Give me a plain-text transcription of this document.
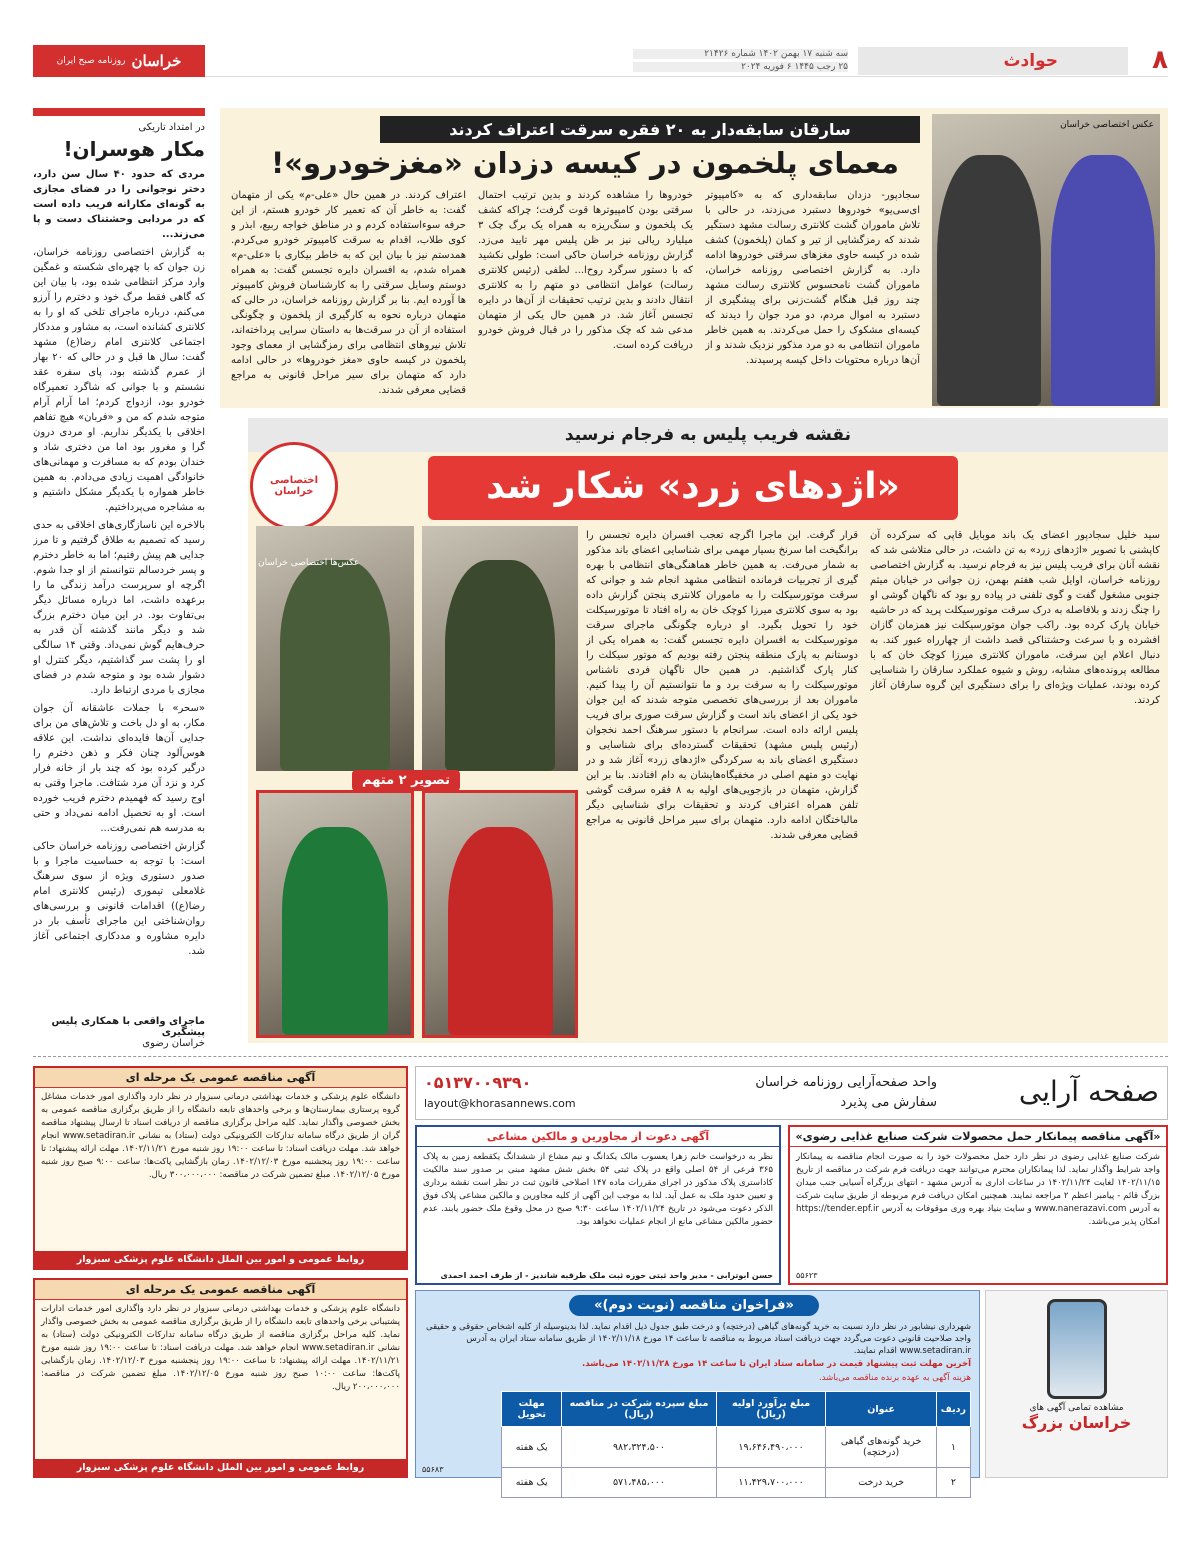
۸
حوادث
سه شنبه ۱۷ بهمن ۱۴۰۲ شماره ۲۱۴۲۶
۲۵ رجب ۱۴۴۵ ۶ فوریه ۲۰۲۴
خراسان
روزنامه صبح ایران
در امتداد تاریکی
مکار هوسران!

مردی که حدود ۴۰ سال سن دارد، دختر نوجوانی را در فضای مجازی به گونه‌ای مکارانه فریب داده است که در مردابی وحشتناک دست و پا می‌زند...

به گزارش اختصاصی روزنامه خراسان، زن جوان که با چهره‌ای شکسته و غمگین وارد مرکز انتظامی شده بود، با بیان این که گاهی فقط مرگ خود و دخترم را آرزو می‌کنم، درباره ماجرای تلخی که او را به کلانتری کشانده است، به مشاور و مددکار اجتماعی کلانتری امام رضا(ع) مشهد گفت: سال ها قبل و در حالی که ۲۰ بهار از عمرم گذشته بود، پای سفره عقد نشستم و با جوانی که شاگرد تعمیرگاه خودرو بود، ازدواج کردم؛ اما آرام آرام متوجه شدم که من و «فربان» هیچ تفاهم اخلاقی با یکدیگر نداریم. او مردی درون گرا و مغرور بود اما من دختری شاد و خندان بودم که به مسافرت و مهمانی‌های خانوادگی اهمیت زیادی می‌دادم. به همین خاطر همواره با یکدیگر مشکل داشتیم و به مشاجره می‌پرداختیم.

بالاخره این ناسازگاری‌های اخلاقی به حدی رسید که تصمیم به طلاق گرفتیم و تا مرز جدایی هم پیش رفتیم؛ اما به خاطر دخترم و پسر خردسالم نتوانستم از او جدا شوم. اگرچه او سرپرست درآمد زندگی ما را برعهده داشت، اما درباره مسائل دیگر بی‌تفاوت بود. در این میان دخترم بزرگ شد و دیگر مانند گذشته آن قدر به حرف‌هایم گوش نمی‌داد. وقتی ۱۴ سالگی او را پشت سر گذاشتیم، دیگر کنترل او دشوار شده بود و متوجه شدم در فضای مجازی با مردی ارتباط دارد.

«سحر» با جملات عاشقانه آن جوان مکار، به او دل باخت و تلاش‌های من برای جدایی آن‌ها فایده‌ای نداشت. این علاقه هوس‌آلود چنان فکر و ذهن دخترم را درگیر کرده بود که چند بار از خانه فرار کرد و نزد آن مرد شتافت. ماجرا وقتی به اوج رسید که فهمیدم دخترم فریب خورده است. او به تحصیل ادامه نمی‌داد و حتی به مدرسه هم نمی‌رفت...

گزارش اختصاصی روزنامه خراسان حاکی است: با توجه به حساسیت ماجرا و با صدور دستوری ویژه از سوی سرهنگ غلامعلی تیموری (رئیس کلانتری امام رضا(ع)) اقدامات قانونی و بررسی‌های روان‌شناختی این ماجرای تأسف بار در دایره مشاوره و مددکاری اجتماعی آغاز شد.

ماجرای واقعی با همکاری پلیس پیشگیری
خراسان رضوی
سارقان سابقه‌دار به ۲۰ فقره سرقت اعتراف کردند
معمای پلخمون در کیسه دزدان «مغزخودرو»!
عکس اختصاصی خراسان

سجادپور- دزدان سابقه‌داری که به «کامپیوتر ای‌سی‌یو» خودروها دستبرد می‌زدند، در حالی با تلاش ماموران گشت کلانتری رسالت مشهد دستگیر شدند که رمزگشایی از تیر و کمان (پلخمون) کشف شده در کیسه حاوی مغزهای سرقتی خودروها ادامه دارد. به گزارش اختصاصی روزنامه خراسان، ماموران گشت نامحسوس کلانتری رسالت مشهد چند روز قبل هنگام گشت‌زنی برای پیشگیری از دستبرد به اموال مردم، دو مرد جوان را دیدند که کیسه‌ای مشکوک را حمل می‌کردند. به همین خاطر ماموران انتظامی به دو مرد مذکور نزدیک شدند و از آن‌ها درباره محتویات داخل کیسه پرسیدند.

خودروها را مشاهده کردند و بدین ترتیب احتمال سرقتی بودن کامپیوترها قوت گرفت؛ چراکه کشف یک پلخمون و سنگ‌ریزه به همراه یک برگ چک ۳ میلیارد ریالی نیز بر ظن پلیس مهر تایید می‌زد. گزارش روزنامه خراسان حاکی است: طولی نکشید که با دستور سرگرد روح‌ا... لطفی (رئیس کلانتری رسالت) عوامل انتظامی دو متهم را به کلانتری انتقال دادند و بدین ترتیب تحقیقات از آن‌ها در دایره تجسس آغاز شد. در همین حال یکی از متهمان مدعی شد که چک مذکور را در قبال فروش خودرو دریافت کرده است.

اعتراف کردند. در همین حال «علی-م» یکی از متهمان گفت: به خاطر آن که تعمیر کار خودرو هستم، از این حرفه سوءاستفاده کردم و در مناطق خواجه ربیع، ابذر و کوی طلاب، اقدام به سرقت کامپیوتر خودرو می‌کردم. همدستم نیز با بیان این که به خاطر بیکاری با «علی-م» همراه شدم، به افسران دایره تجسس گفت: به همراه دوستم وسایل سرقتی را به کارشناسان فروش کامپیوتر ها آورده ایم. بنا بر گزارش روزنامه خراسان، در حالی که متهمان درباره نحوه به کارگیری از پلخمون و چگونگی استفاده از آن در سرقت‌ها به داستان سرایی پرداخته‌اند، تلاش نیروهای انتظامی برای رمزگشایی از معمای وجود پلخمون در کیسه حاوی «مغز خودروها» در حالی ادامه دارد که متهمان برای سیر مراحل قانونی به مراجع قضایی معرفی شدند.

نقشه فریب پلیس به فرجام نرسید
«اژدهای زرد» شکار شد
اختصاصی خراسان

سید خلیل سجادپور اعضای یک باند موبایل قاپی که سرکرده آن کاپشنی با تصویر «اژدهای زرد» به تن داشت، در حالی متلاشی شد که نقشه آنان برای فریب پلیس نیز به فرجام نرسید. به گزارش اختصاصی روزنامه خراسان، اوایل شب هفتم بهمن، زن جوانی در خیابان میثم جنوبی مشغول گفت و گوی تلفنی در پیاده رو بود که ناگهان گوشی او را چنگ زدند و بلافاصله به درک سرقت موتورسیکلت پرید که در حاشیه خیابان پارک کرده بود. راکب جوان موتورسیکلت نیز همزمان گازان افشرده و با سرعت وحشتناکی قصد داشت از چهارراه عبور کند. به دنبال اعلام این سرقت، ماموران کلانتری میرزا کوچک خان که با مطالعه پرونده‌های مشابه، روش و شیوه عملکرد سارقان را شناسایی کرده بودند، عملیات ویژه‌ای را برای دستگیری این گروه سارقان آغاز کردند.

قرار گرفت. این ماجرا اگرچه تعجب افسران دایره تجسس را برانگیخت اما سرنخ بسیار مهمی برای شناسایی اعضای باند مذکور به شمار می‌رفت. به همین خاطر هماهنگی‌های انتظامی با بهره گیری از تجربیات فرمانده انتظامی مشهد انجام شد و جوانی که سرقت موتورسیکلت را به ماموران کلانتری پنجتن گزارش داده بود به سوی کلانتری میرزا کوچک خان به راه افتاد تا موتورسیکلت خود را تحویل بگیرد. او درباره چگونگی ماجرای سرقت موتورسیکلت به افسران دایره تجسس گفت: به همراه یکی از دوستانم به پارک منطقه پنجتن رفته بودیم که موتور سیکلت را کنار پارک گذاشتیم. در همین حال ناگهان فردی ناشناس موتورسیکلت را به سرقت برد و ما نتوانستیم آن را پیدا کنیم. ماموران بعد از بررسی‌های تخصصی متوجه شدند که این جوان خود یکی از اعضای باند است و گزارش سرقت صوری برای فریب پلیس ارائه داده است. سرانجام با دستور سرهنگ احمد نخجوان (رئیس پلیس مشهد) تحقیقات گسترده‌ای برای شناسایی و دستگیری اعضای باند به سرکردگی «اژدهای زرد» آغاز شد و در نهایت دو متهم اصلی در مخفیگاه‌هایشان به دام افتادند. بنا بر این گزارش، متهمان در بازجویی‌های اولیه به ۸ فقره سرقت گوشی تلفن همراه اعتراف کردند و تحقیقات برای شناسایی دیگر مالباختگان ادامه دارد. متهمان برای سیر مراحل قانونی به مراجع قضایی معرفی شدند.

عکس‌ها اختصاصی خراسان
تصویر ۲ متهم
صفحه آرایی
واحد صفحه‌آرایی روزنامه خراسان
سفارش می پذیرد
۰۵۱۳۷۰۰۹۳۹۰
layout@khorasannews.com
«آگهی مناقصه پیمانکار حمل محصولات شرکت صنایع غذایی رضوی»

شرکت صنایع غذایی رضوی در نظر دارد حمل محصولات خود را به صورت انجام مناقصه به پیمانکار واجد شرایط واگذار نماید. لذا پیمانکاران محترم می‌توانند جهت دریافت فرم شرکت در مناقصه از تاریخ ۱۴۰۲/۱۱/۱۵ لغایت ۱۴۰۲/۱۱/۲۴ در ساعات اداری به آدرس مشهد - انتهای بزرگراه آسیایی جنب میدان بزرگ قائم - پیامبر اعظم ۲ مراجعه نمایند. همچنین امکان دریافت فرم مربوطه از طریق سایت شرکت به آدرس www.nanerazavi.com و سایت بنیاد بهره وری موقوفات به آدرس https://tender.epf.ir امکان پذیر می‌باشد.

۵۵۶۲۳
آگهی دعوت از مجاورین و مالکین مشاعی

نظر به درخواست خانم زهرا یعسوب مالک یکدانگ و نیم مشاع از ششدانگ یکقطعه زمین به پلاک ۳۶۵ فرعی از ۵۴ اصلی واقع در پلاک ثبتی ۵۴ بخش شش مشهد مبنی بر صدور سند مالکیت کاداستری پلاک مذکور در اجرای مقررات ماده ۱۴۷ اصلاحی قانون ثبت در نظر است نقشه برداری و تعیین حدود ملک به عمل آید. لذا به موجب این آگهی از کلیه مجاورین و مالکین مشاعی پلاک فوق الذکر دعوت می‌شود در تاریخ ۱۴۰۲/۱۱/۲۴ ساعت ۹:۳۰ صبح در محل وقوع ملک حضور یابند. عدم حضور مالکین مشاعی مانع از انجام عملیات نخواهد بود.

حسن ابوترابی - مدیر واحد ثبتی حوزه ثبت ملک طرقبه شاندیز - از طرف احمد احمدی
«فراخوان مناقصه (نوبت دوم)»

شهرداری نیشابور در نظر دارد نسبت به خرید گونه‌های گیاهی (درختچه) و درخت طبق جدول ذیل اقدام نماید. لذا بدینوسیله از کلیه اشخاص حقوقی و حقیقی واجد صلاحیت قانونی دعوت می‌گردد جهت دریافت اسناد مربوط به مناقصه تا ساعت ۱۴ مورخ ۱۴۰۲/۱۱/۱۸ از طریق سامانه ستاد ایران به آدرس www.setadiran.ir اقدام نمایند.

آخرین مهلت ثبت پیشنهاد قیمت در سامانه ستاد ایران تا ساعت ۱۴ مورخ ۱۴۰۲/۱۱/۲۸ می‌باشد.

هزینه آگهی به عهده برنده مناقصه می‌باشد.

ردیف	عنوان	مبلغ برآورد اولیه (ریال)	مبلغ سپرده شرکت در مناقصه (ریال)	مهلت تحویل
۱	خرید گونه‌های گیاهی (درختچه)	۱۹،۶۴۶،۴۹۰،۰۰۰	۹۸۲،۳۲۴،۵۰۰	یک هفته
۲	خرید درخت	۱۱،۴۲۹،۷۰۰،۰۰۰	۵۷۱،۴۸۵،۰۰۰	یک هفته
۵۵۶۸۳
مشاهده تمامی آگهی های
خراسان بزرگ
آگهی مناقصه عمومی یک مرحله ای

دانشگاه علوم پزشکی و خدمات بهداشتی درمانی سبزوار در نظر دارد واگذاری امور خدمات مشاغل گروه پرستاری بیمارستان‌ها و برخی واحدهای تابعه دانشگاه را از طریق برگزاری مناقصه عمومی به بخش خصوصی واگذار نماید. کلیه مراحل برگزاری مناقصه از دریافت اسناد تا ارسال پیشنهاد مناقصه گران از طریق درگاه سامانه تدارکات الکترونیکی دولت (ستاد) به نشانی www.setadiran.ir انجام خواهد شد. مهلت دریافت اسناد: تا ساعت ۱۹:۰۰ روز شنبه مورخ ۱۴۰۲/۱۱/۲۱. مهلت ارائه پیشنهاد: تا ساعت ۱۹:۰۰ روز پنجشنبه مورخ ۱۴۰۲/۱۲/۰۳. زمان بازگشایی پاکت‌ها: ساعت ۹:۰۰ صبح روز شنبه مورخ ۱۴۰۲/۱۲/۰۵. مبلغ تضمین شرکت در مناقصه: ۳۰۰،۰۰۰،۰۰۰ ریال.

روابط عمومی و امور بین الملل دانشگاه علوم پزشکی سبزوار
آگهی مناقصه عمومی یک مرحله ای

دانشگاه علوم پزشکی و خدمات بهداشتی درمانی سبزوار در نظر دارد واگذاری امور خدمات ادارات پشتیبانی برخی واحدهای تابعه دانشگاه را از طریق برگزاری مناقصه عمومی به بخش خصوصی واگذار نماید. کلیه مراحل برگزاری مناقصه از طریق درگاه سامانه تدارکات الکترونیکی دولت (ستاد) به نشانی www.setadiran.ir انجام خواهد شد. مهلت دریافت اسناد: تا ساعت ۱۹:۰۰ روز شنبه مورخ ۱۴۰۲/۱۱/۲۱. مهلت ارائه پیشنهاد: تا ساعت ۱۹:۰۰ روز پنجشنبه مورخ ۱۴۰۲/۱۲/۰۳. زمان بازگشایی پاکت‌ها: ساعت ۱۰:۰۰ صبح روز شنبه مورخ ۱۴۰۲/۱۲/۰۵. مبلغ تضمین شرکت در مناقصه: ۲۰۰،۰۰۰،۰۰۰ ریال.

روابط عمومی و امور بین الملل دانشگاه علوم پزشکی سبزوار
